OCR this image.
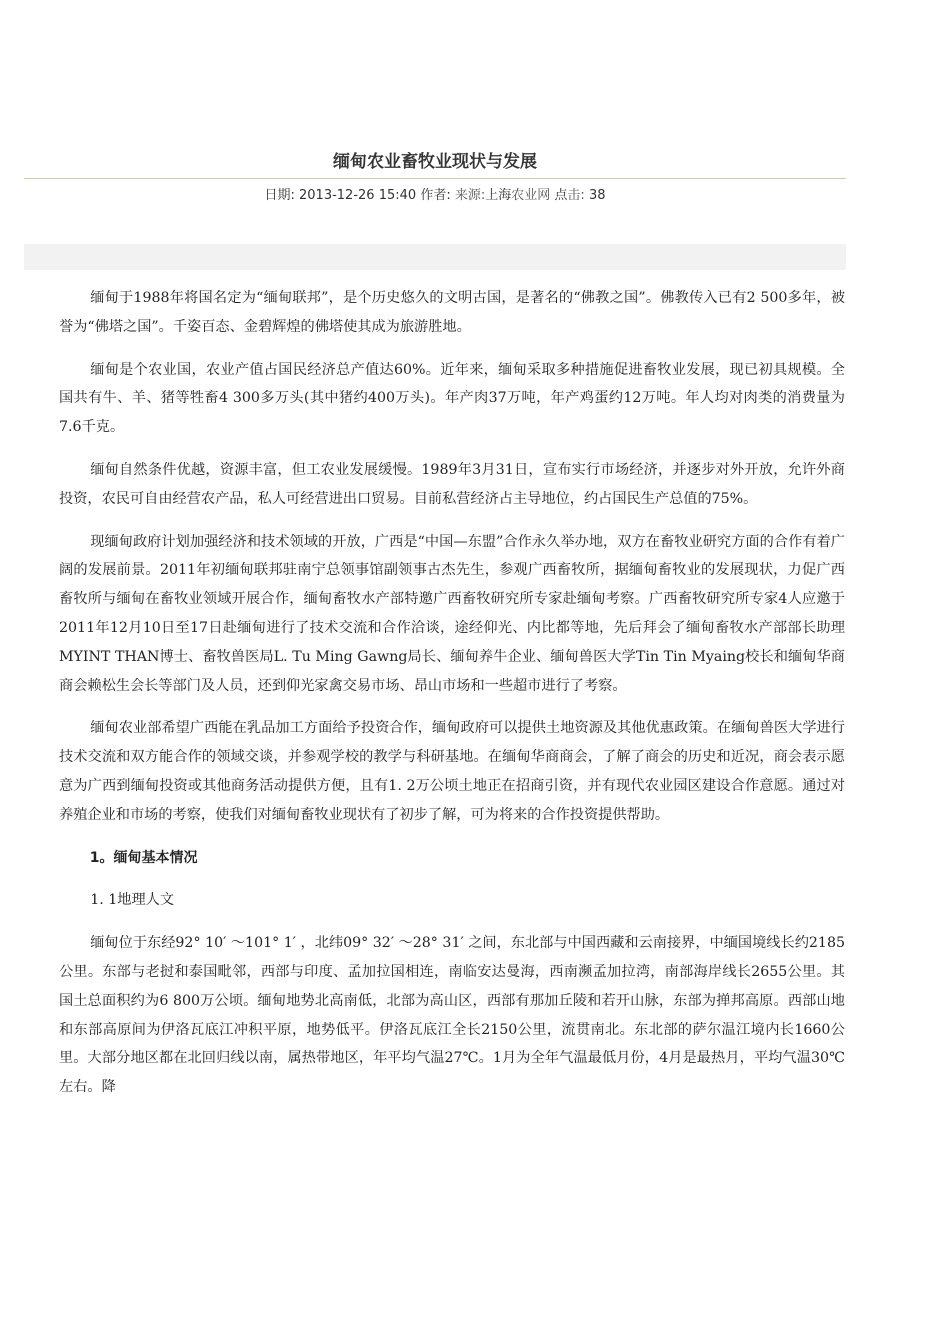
缅甸农业畜牧业现状与发展
日期: 2013-12-26 15:40 作者: 来源:上海农业网 点击: 38

缅甸于1988年将国名定为“缅甸联邦”，是个历史悠久的文明古国，是著名的“佛教之国”。佛教传入已有2 500多年，被誉为“佛塔之国”。千姿百态、金碧辉煌的佛塔使其成为旅游胜地。

缅甸是个农业国，农业产值占国民经济总产值达60%。近年来，缅甸采取多种措施促进畜牧业发展，现已初具规模。全国共有牛、羊、猪等牲畜4 300多万头(其中猪约400万头)。年产肉37万吨，年产鸡蛋约12万吨。年人均对肉类的消费量为7.6千克。

缅甸自然条件优越，资源丰富，但工农业发展缓慢。1989年3月31日，宣布实行市场经济，并逐步对外开放，允许外商投资，农民可自由经营农产品，私人可经营进出口贸易。目前私营经济占主导地位，约占国民生产总值的75%。

现缅甸政府计划加强经济和技术领域的开放，广西是“中国—东盟”合作永久举办地，双方在畜牧业研究方面的合作有着广阔的发展前景。2011年初缅甸联邦驻南宁总领事馆副领事古杰先生，参观广西畜牧所，据缅甸畜牧业的发展现状，力促广西畜牧所与缅甸在畜牧业领域开展合作，缅甸畜牧水产部特邀广西畜牧研究所专家赴缅甸考察。广西畜牧研究所专家4人应邀于2011年12月10日至17日赴缅甸进行了技术交流和合作洽谈，途经仰光、内比都等地，先后拜会了缅甸畜牧水产部部长助理MYINT THAN博士、畜牧兽医局L. Tu Ming Gawng局长、缅甸养牛企业、缅甸兽医大学Tin Tin Myaing校长和缅甸华商商会赖松生会长等部门及人员，还到仰光家禽交易市场、昂山市场和一些超市进行了考察。

缅甸农业部希望广西能在乳品加工方面给予投资合作，缅甸政府可以提供土地资源及其他优惠政策。在缅甸兽医大学进行技术交流和双方能合作的领域交谈，并参观学校的教学与科研基地。在缅甸华商商会，了解了商会的历史和近况，商会表示愿意为广西到缅甸投资或其他商务活动提供方便，且有1. 2万公顷土地正在招商引资，并有现代农业园区建设合作意愿。通过对养殖企业和市场的考察，使我们对缅甸畜牧业现状有了初步了解，可为将来的合作投资提供帮助。

1。缅甸基本情况

1. 1地理人文

缅甸位于东经92° 10′ ～101° 1′ ，北纬09° 32′ ～28° 31′ 之间，东北部与中国西藏和云南接界，中缅国境线长约2185公里。东部与老挝和泰国毗邻，西部与印度、孟加拉国相连，南临安达曼海，西南濒孟加拉湾，南部海岸线长2655公里。其国土总面积约为6 800万公顷。缅甸地势北高南低，北部为高山区，西部有那加丘陵和若开山脉，东部为掸邦高原。西部山地和东部高原间为伊洛瓦底江冲积平原，地势低平。伊洛瓦底江全长2150公里，流贯南北。东北部的萨尔温江境内长1660公里。大部分地区都在北回归线以南，属热带地区，年平均气温27℃。1月为全年气温最低月份，4月是最热月，平均气温30℃左右。降
